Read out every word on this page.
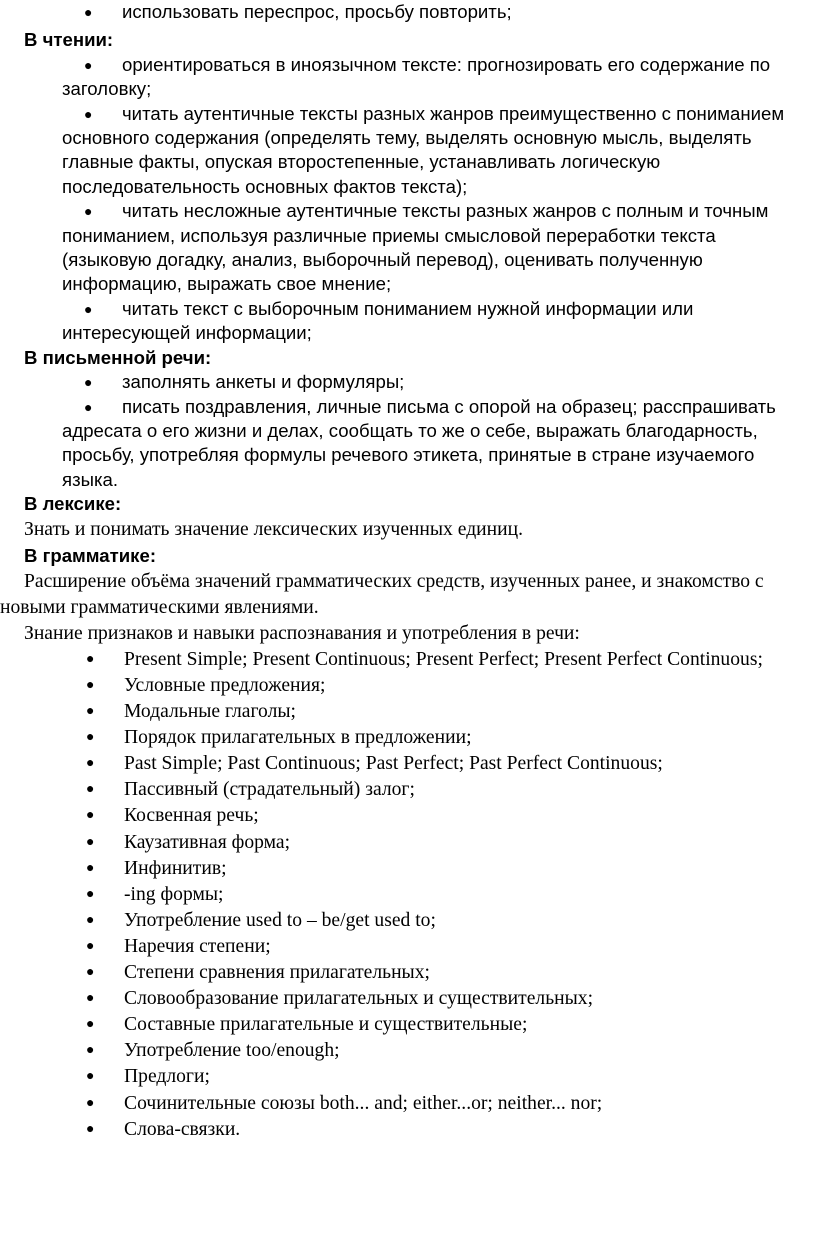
● использовать переспрос, просьбу повторить;

В чтении:

● ориентироваться в иноязычном тексте: прогнозировать его содержание по заголовку;
● читать аутентичные тексты разных жанров преимущественно с пониманием основного содержания (определять тему, выделять основную мысль, выделять главные факты, опуская второстепенные, устанавливать логическую последовательность основных фактов текста);
● читать несложные аутентичные тексты разных жанров с полным и точным пониманием, используя различные приемы смысловой переработки текста (языковую догадку, анализ, выборочный перевод), оценивать полученную информацию, выражать свое мнение;
● читать текст с выборочным пониманием нужной информации или интересующей информации;

В письменной речи:

● заполнять анкеты и формуляры;
● писать поздравления, личные письма с опорой на образец; расспрашивать адресата о его жизни и делах, сообщать то же о себе, выражать благодарность, просьбу, употребляя формулы речевого этикета, принятые в стране изучаемого языка.

В лексике:

Знать и понимать значение лексических изученных единиц.

В грамматике:

Расширение объёма значений грамматических средств, изученных ранее, и знакомство с новыми грамматическими явлениями.

Знание признаков и навыки распознавания и употребления в речи:

● Present Simple; Present Continuous; Present Perfect; Present Perfect Continuous;
● Условные предложения;
● Модальные глаголы;
● Порядок прилагательных в предложении;
● Past Simple; Past Continuous; Past Perfect; Past Perfect Continuous;
● Пассивный (страдательный) залог;
● Косвенная речь;
● Каузативная форма;
● Инфинитив;
● -ing формы;
● Употребление used to – be/get used to;
● Наречия степени;
● Степени сравнения прилагательных;
● Словообразование прилагательных и существительных;
● Составные прилагательные и существительные;
● Употребление too/enough;
● Предлоги;
● Сочинительные союзы both... and; either...or; neither... nor;
● Слова-связки.
